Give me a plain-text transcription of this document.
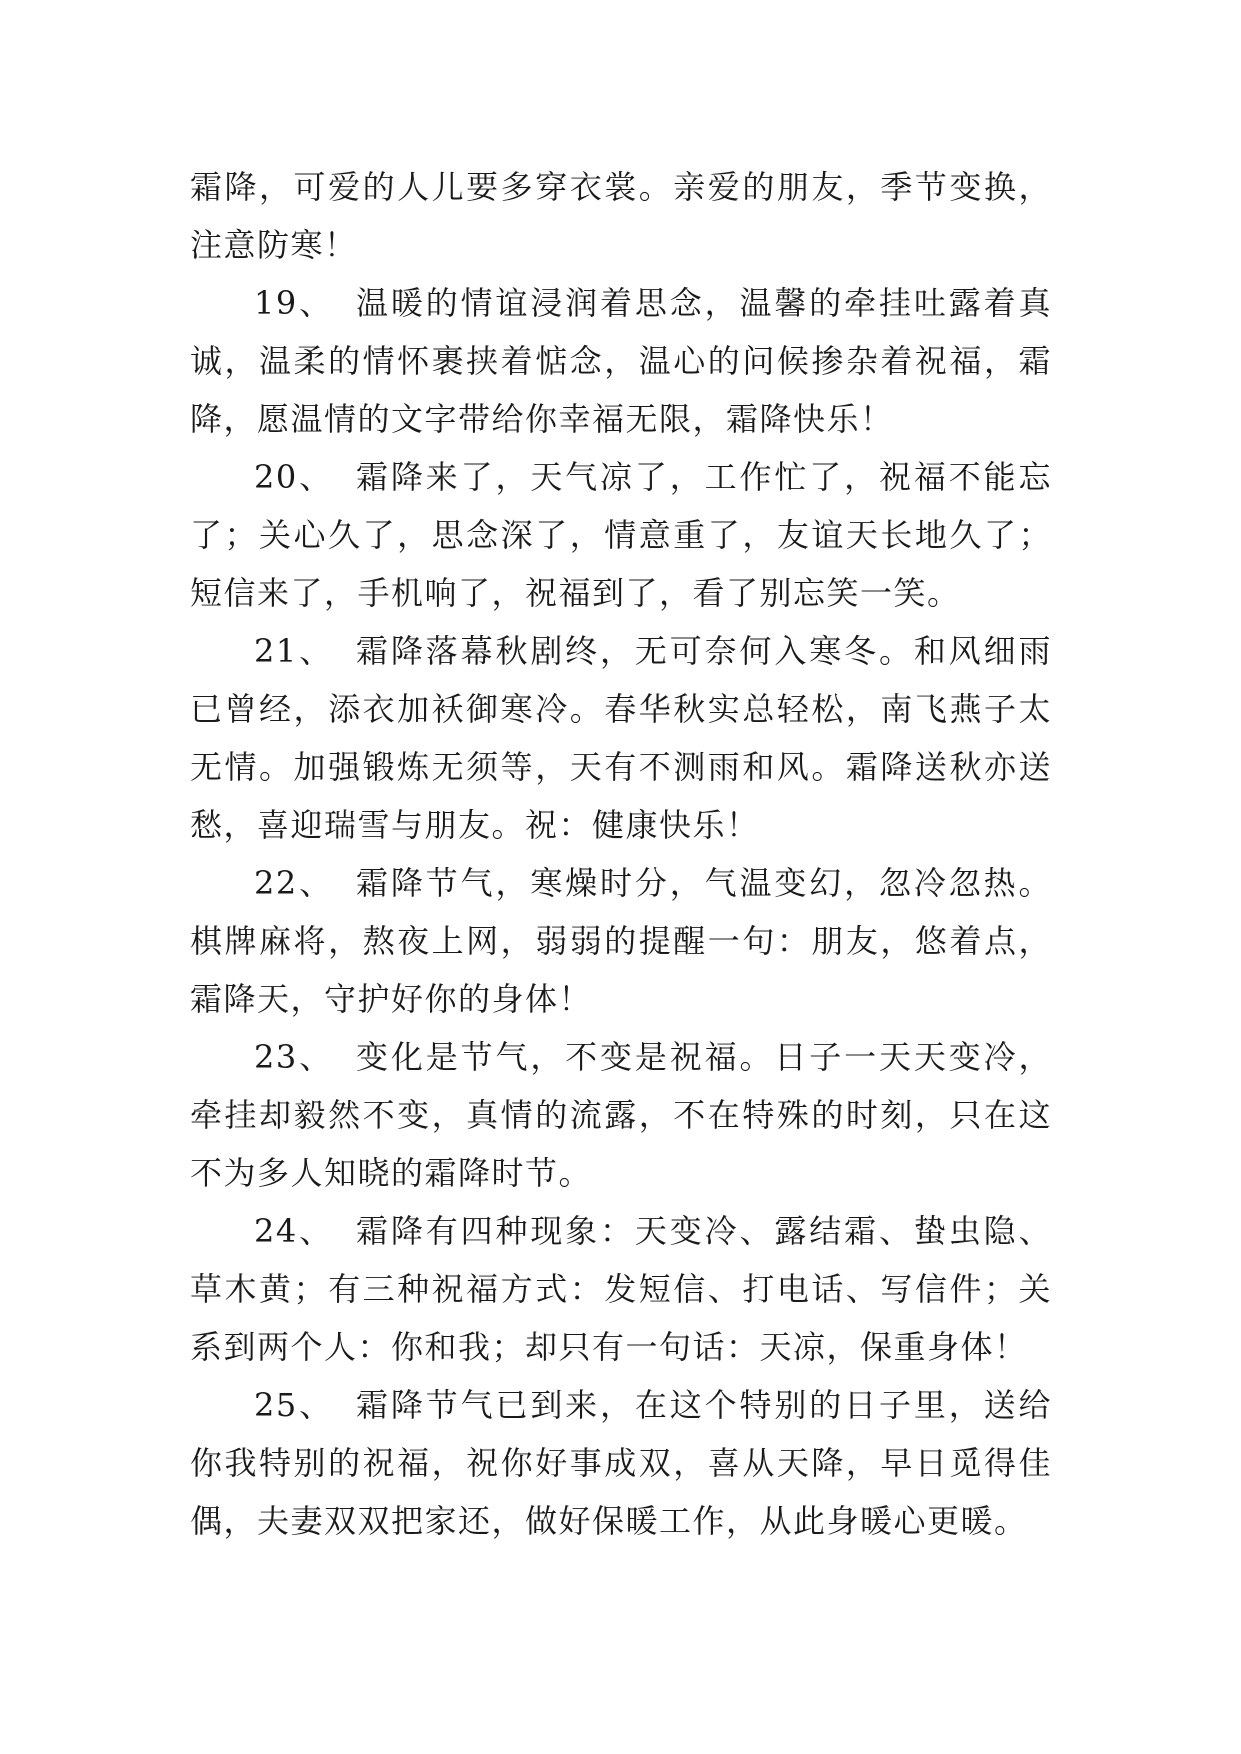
霜降，可爱的人儿要多穿衣裳。亲爱的朋友，季节变换，注意防寒！

19、 温暖的情谊浸润着思念，温馨的牵挂吐露着真诚，温柔的情怀裹挟着惦念，温心的问候掺杂着祝福，霜降，愿温情的文字带给你幸福无限，霜降快乐！

20、 霜降来了，天气凉了，工作忙了，祝福不能忘了；关心久了，思念深了，情意重了，友谊天长地久了；短信来了，手机响了，祝福到了，看了别忘笑一笑。

21、 霜降落幕秋剧终，无可奈何入寒冬。和风细雨已曾经，添衣加袄御寒冷。春华秋实总轻松，南飞燕子太无情。加强锻炼无须等，天有不测雨和风。霜降送秋亦送愁，喜迎瑞雪与朋友。祝：健康快乐！

22、 霜降节气，寒燥时分，气温变幻，忽冷忽热。棋牌麻将，熬夜上网，弱弱的提醒一句：朋友，悠着点，霜降天，守护好你的身体！

23、 变化是节气，不变是祝福。日子一天天变冷，牵挂却毅然不变，真情的流露，不在特殊的时刻，只在这不为多人知晓的霜降时节。

24、 霜降有四种现象：天变冷、露结霜、蛰虫隐、草木黄；有三种祝福方式：发短信、打电话、写信件；关系到两个人：你和我；却只有一句话：天凉，保重身体！

25、 霜降节气已到来，在这个特别的日子里，送给你我特别的祝福，祝你好事成双，喜从天降，早日觅得佳偶，夫妻双双把家还，做好保暖工作，从此身暖心更暖。
